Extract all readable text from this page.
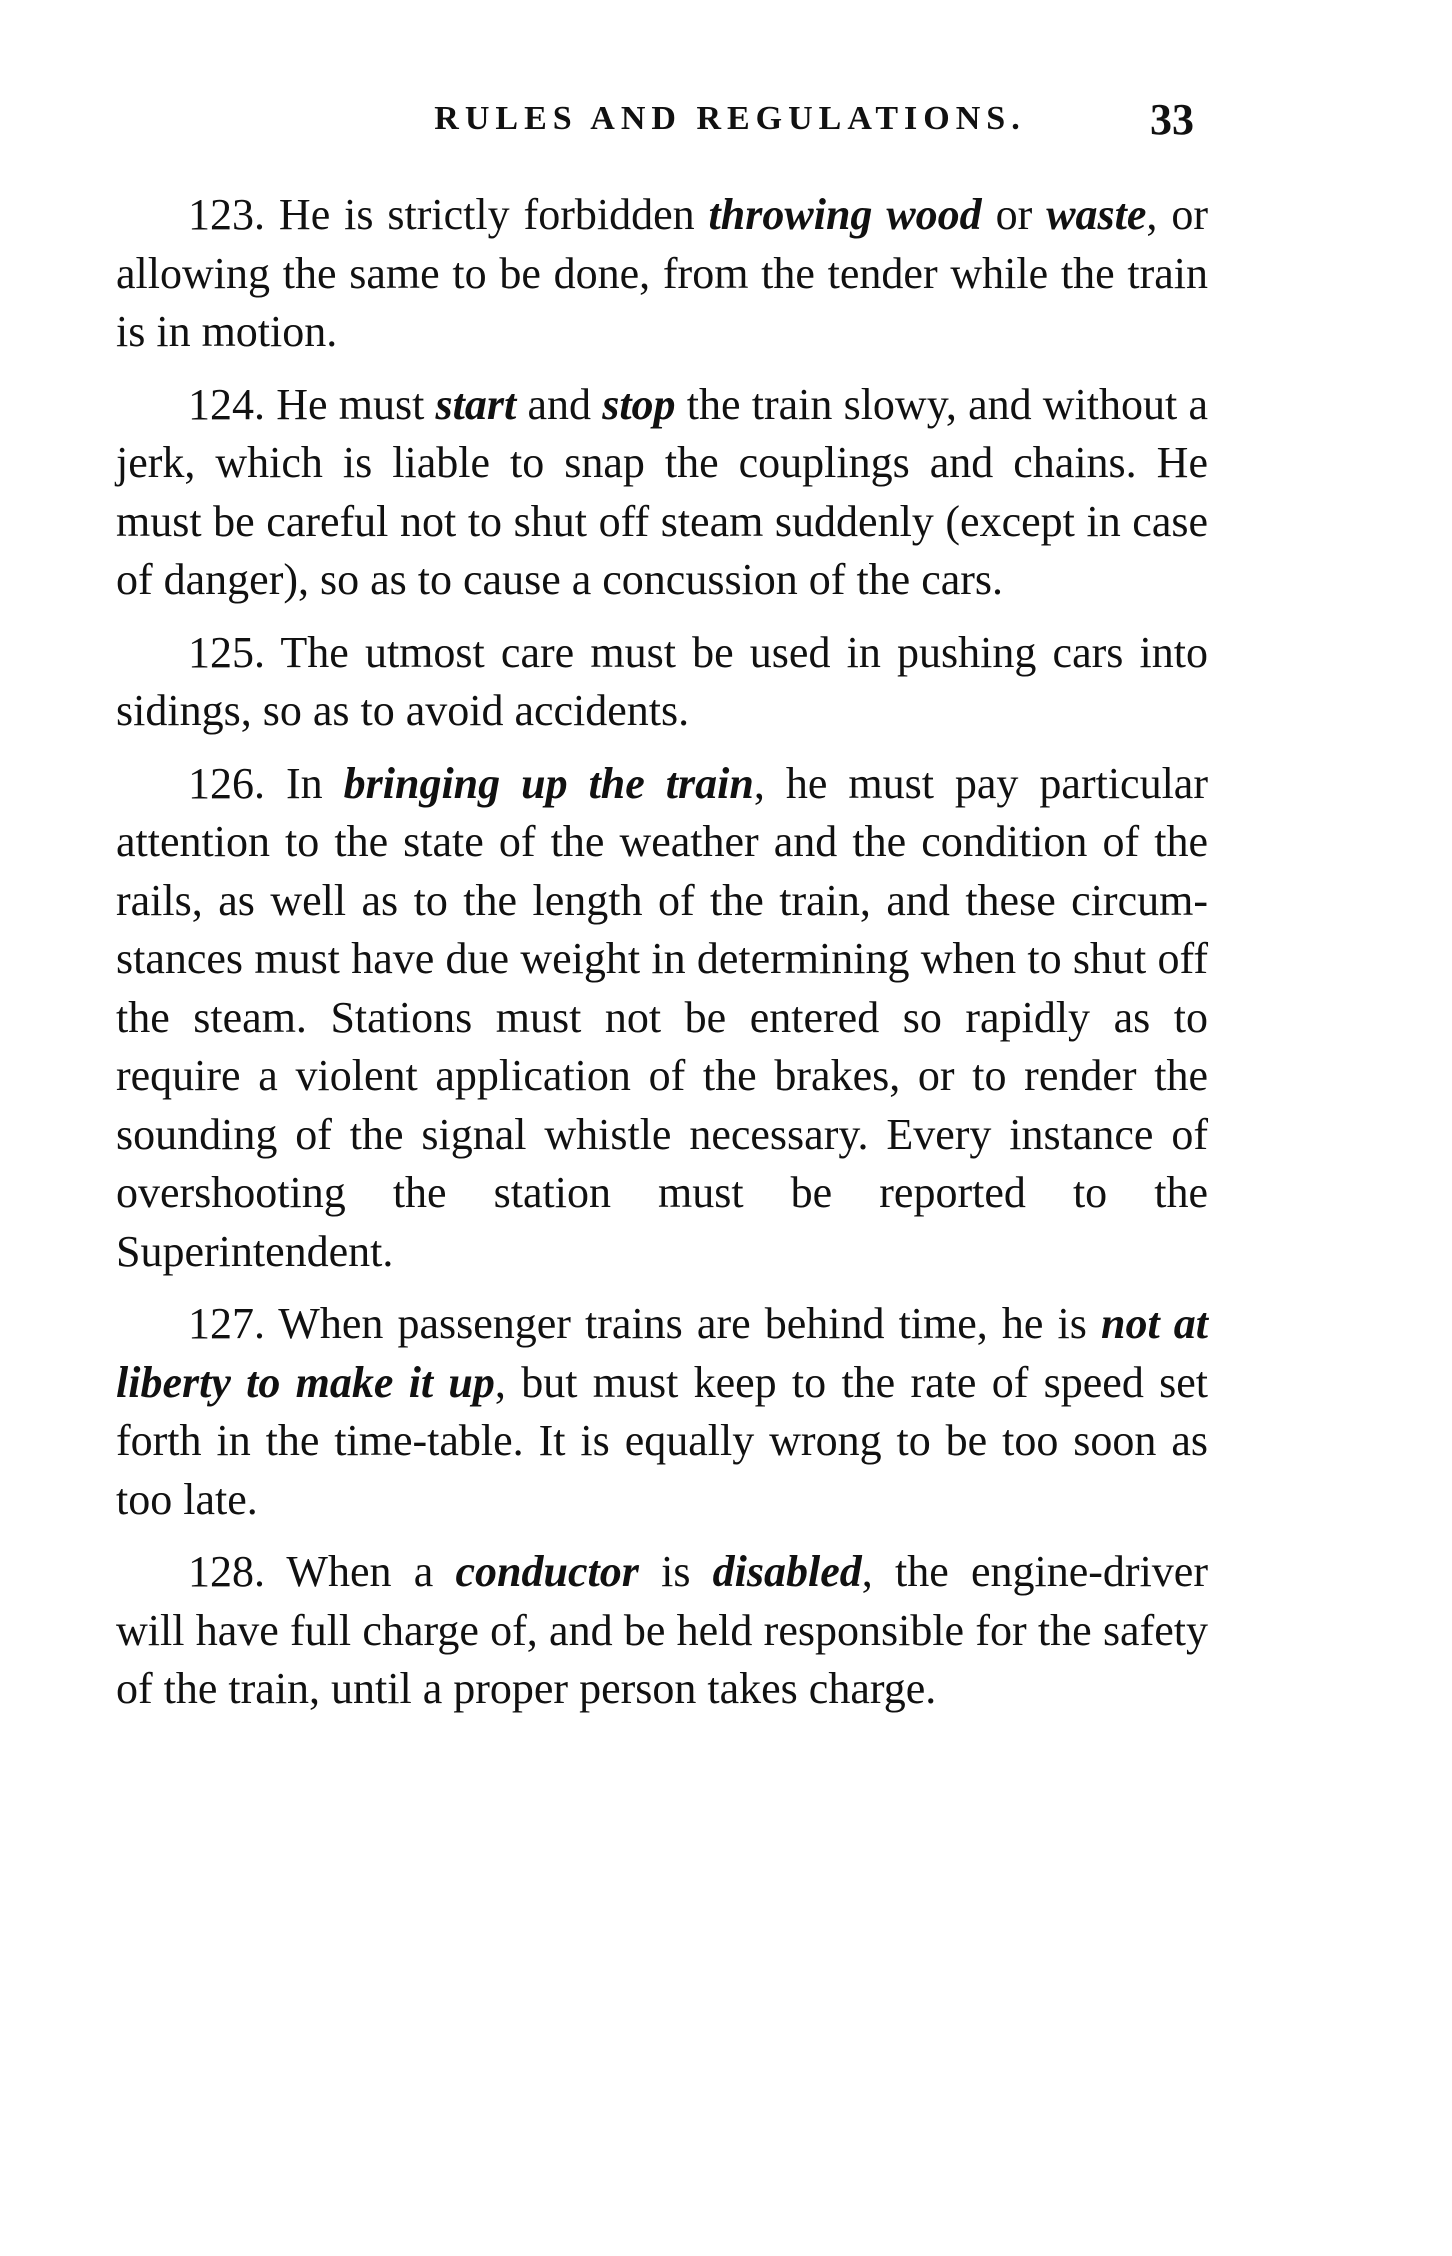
RULES AND REGULATIONS.	33

123. He is strictly forbidden throwing wood or waste, or allowing the same to be done, from the tender while the train is in motion.

124. He must start and stop the train slowy, and without a jerk, which is liable to snap the couplings and chains. He must be careful not to shut off steam suddenly (except in case of danger), so as to cause a concussion of the cars.

125. The utmost care must be used in pushing cars into sidings, so as to avoid accidents.

126. In bringing up the train, he must pay particular attention to the state of the weather and the condition of the rails, as well as to the length of the train, and these circumstances must have due weight in determining when to shut off the steam. Stations must not be entered so rapidly as to require a violent application of the brakes, or to render the sounding of the signal whistle necessary. Every instance of overshooting the station must be reported to the Superintendent.

127. When passenger trains are behind time, he is not at liberty to make it up, but must keep to the rate of speed set forth in the time-table. It is equally wrong to be too soon as too late.

128. When a conductor is disabled, the engine-driver will have full charge of, and be held responsible for the safety of the train, until a proper person takes charge.
